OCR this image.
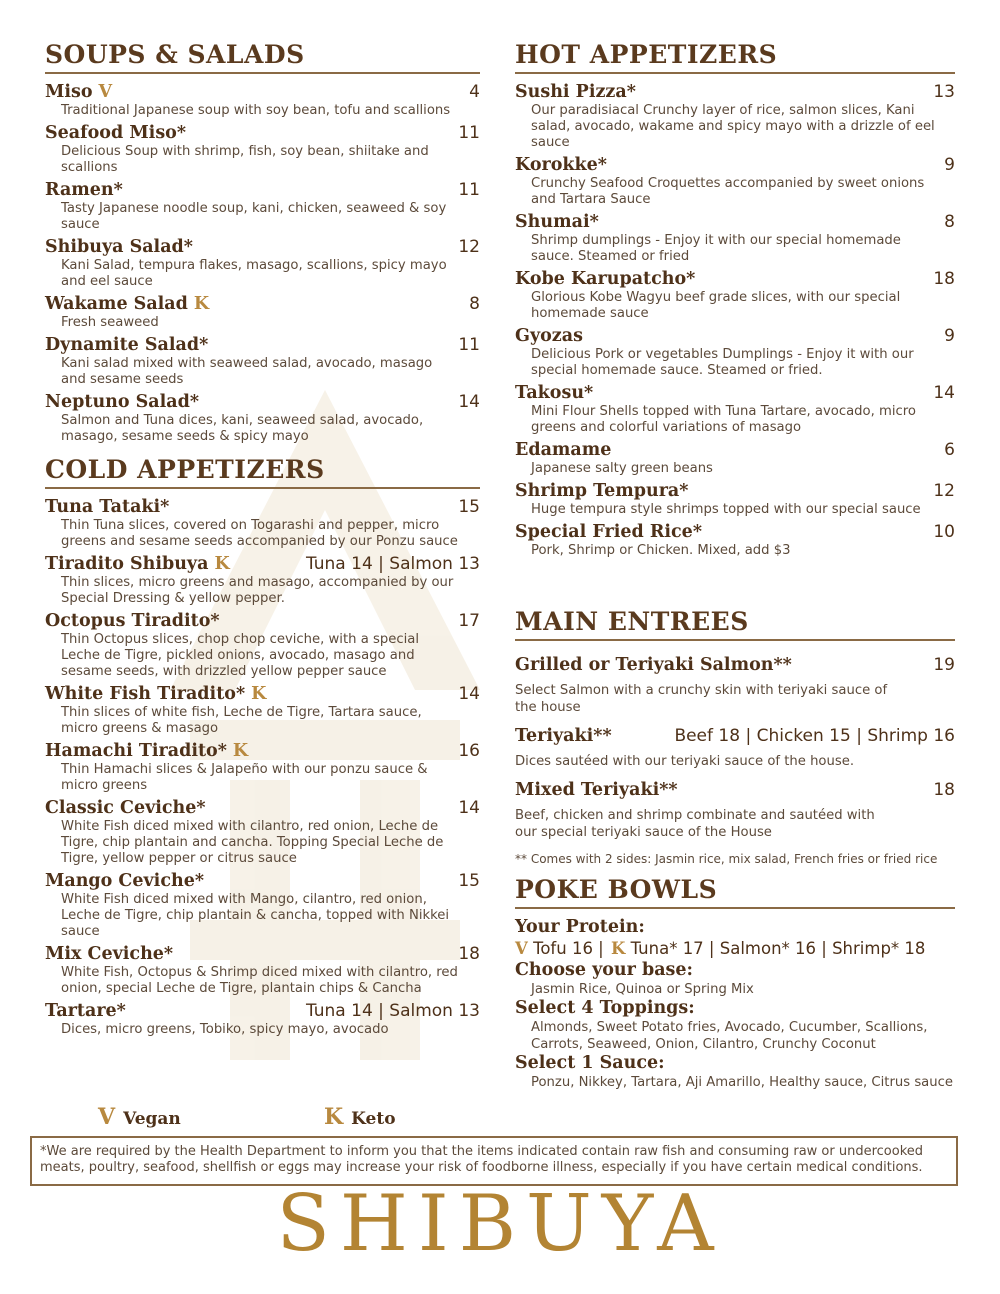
SOUPS & SALADS
Miso V	4
Traditional Japanese soup with soy bean, tofu and scallions
Seafood Miso*	11
Delicious Soup with shrimp, fish, soy bean, shiitake and scallions
Ramen*	11
Tasty Japanese noodle soup, kani, chicken, seaweed & soy sauce
Shibuya Salad*	12
Kani Salad, tempura flakes, masago, scallions, spicy mayo and eel sauce
Wakame Salad K	8
Fresh seaweed
Dynamite Salad*	11
Kani salad mixed with seaweed salad, avocado, masago and sesame seeds
Neptuno Salad*	14
Salmon and Tuna dices, kani, seaweed salad, avocado, masago, sesame seeds & spicy mayo
COLD APPETIZERS
Tuna Tataki*	15
Thin Tuna slices, covered on Togarashi and pepper, micro greens and sesame seeds accompanied by our Ponzu sauce
Tiradito Shibuya K	Tuna 14 | Salmon 13
Thin slices, micro greens and masago, accompanied by our Special Dressing & yellow pepper.
Octopus Tiradito*	17
Thin Octopus slices, chop chop ceviche, with a special Leche de Tigre, pickled onions, avocado, masago and sesame seeds, with drizzled yellow pepper sauce
White Fish Tiradito* K	14
Thin slices of white fish, Leche de Tigre, Tartara sauce, micro greens & masago
Hamachi Tiradito* K	16
Thin Hamachi slices & Jalapeño with our ponzu sauce & micro greens
Classic Ceviche*	14
White Fish diced mixed with cilantro, red onion, Leche de Tigre, chip plantain and cancha. Topping Special Leche de Tigre, yellow pepper or citrus sauce
Mango Ceviche*	15
White Fish diced mixed with Mango, cilantro, red onion, Leche de Tigre, chip plantain & cancha, topped with Nikkei sauce
Mix Ceviche*	18
White Fish, Octopus & Shrimp diced mixed with cilantro, red onion, special Leche de Tigre, plantain chips & Cancha
Tartare*	Tuna 14 | Salmon 13
Dices, micro greens, Tobiko, spicy mayo, avocado
HOT APPETIZERS
Sushi Pizza*	13
Our paradisiacal Crunchy layer of rice, salmon slices, Kani salad, avocado, wakame and spicy mayo with a drizzle of eel sauce
Korokke*	9
Crunchy Seafood Croquettes accompanied by sweet onions and Tartara Sauce
Shumai*	8
Shrimp dumplings - Enjoy it with our special homemade sauce. Steamed or fried
Kobe Karupatcho*	18
Glorious Kobe Wagyu beef grade slices, with our special homemade sauce
Gyozas	9
Delicious Pork or vegetables Dumplings - Enjoy it with our special homemade sauce. Steamed or fried.
Takosu*	14
Mini Flour Shells topped with Tuna Tartare, avocado, micro greens and colorful variations of masago
Edamame	6
Japanese salty green beans
Shrimp Tempura*	12
Huge tempura style shrimps topped with our special sauce
Special Fried Rice*	10
Pork, Shrimp or Chicken. Mixed, add $3
MAIN ENTREES
Grilled or Teriyaki Salmon**	19
Select Salmon with a crunchy skin with teriyaki sauce of the house
Teriyaki**	Beef 18 | Chicken 15 | Shrimp 16
Dices sautéed with our teriyaki sauce of the house.
Mixed Teriyaki**	18
Beef, chicken and shrimp combinate and sautéed with our special teriyaki sauce of the House
** Comes with 2 sides: Jasmin rice, mix salad, French fries or fried rice
POKE BOWLS
Your Protein:
V Tofu 16 | K Tuna* 17 | Salmon* 16 | Shrimp* 18
Choose your base:
Jasmin Rice, Quinoa or Spring Mix
Select 4 Toppings:
Almonds, Sweet Potato fries, Avocado, Cucumber, Scallions, Carrots, Seaweed, Onion, Cilantro, Crunchy Coconut
Select 1 Sauce:
Ponzu, Nikkey, Tartara, Aji Amarillo, Healthy sauce, Citrus sauce
V Vegan	K Keto
*We are required by the Health Department to inform you that the items indicated contain raw fish and consuming raw or undercooked meats, poultry, seafood, shellfish or eggs may increase your risk of foodborne illness, especially if you have certain medical conditions.
SHIBUYA
